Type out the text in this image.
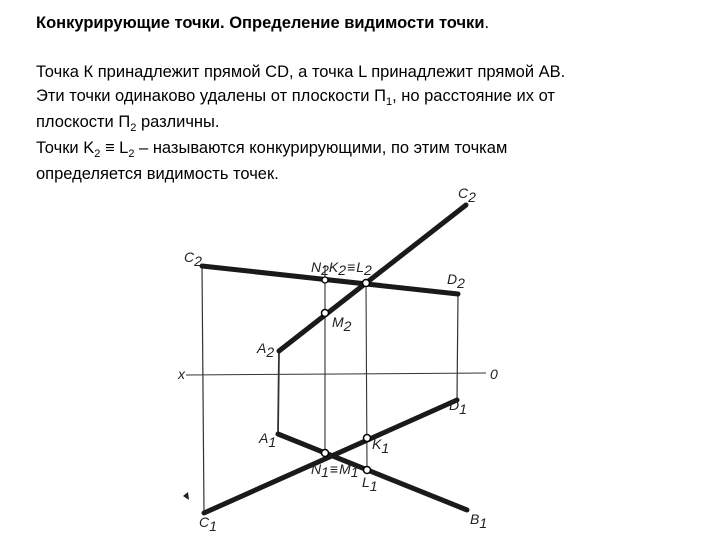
Конкурирующие точки. Определение видимости точки.
Точка К принадлежит прямой CD, а точка L принадлежит прямой АВ.
Эти точки одинаково удалены от плоскости $П_1$, но расстояние их от
плоскости $П_2$ различны.
Точки $K_2 \equiv L_2$ – называются конкурирующими, по этим точкам
определяется видимость точек.
C2
C2	N2K2≡L2
D2
M2
A2
x	0
D1
A1	K1
N1≡M1
L1
C1	B1
